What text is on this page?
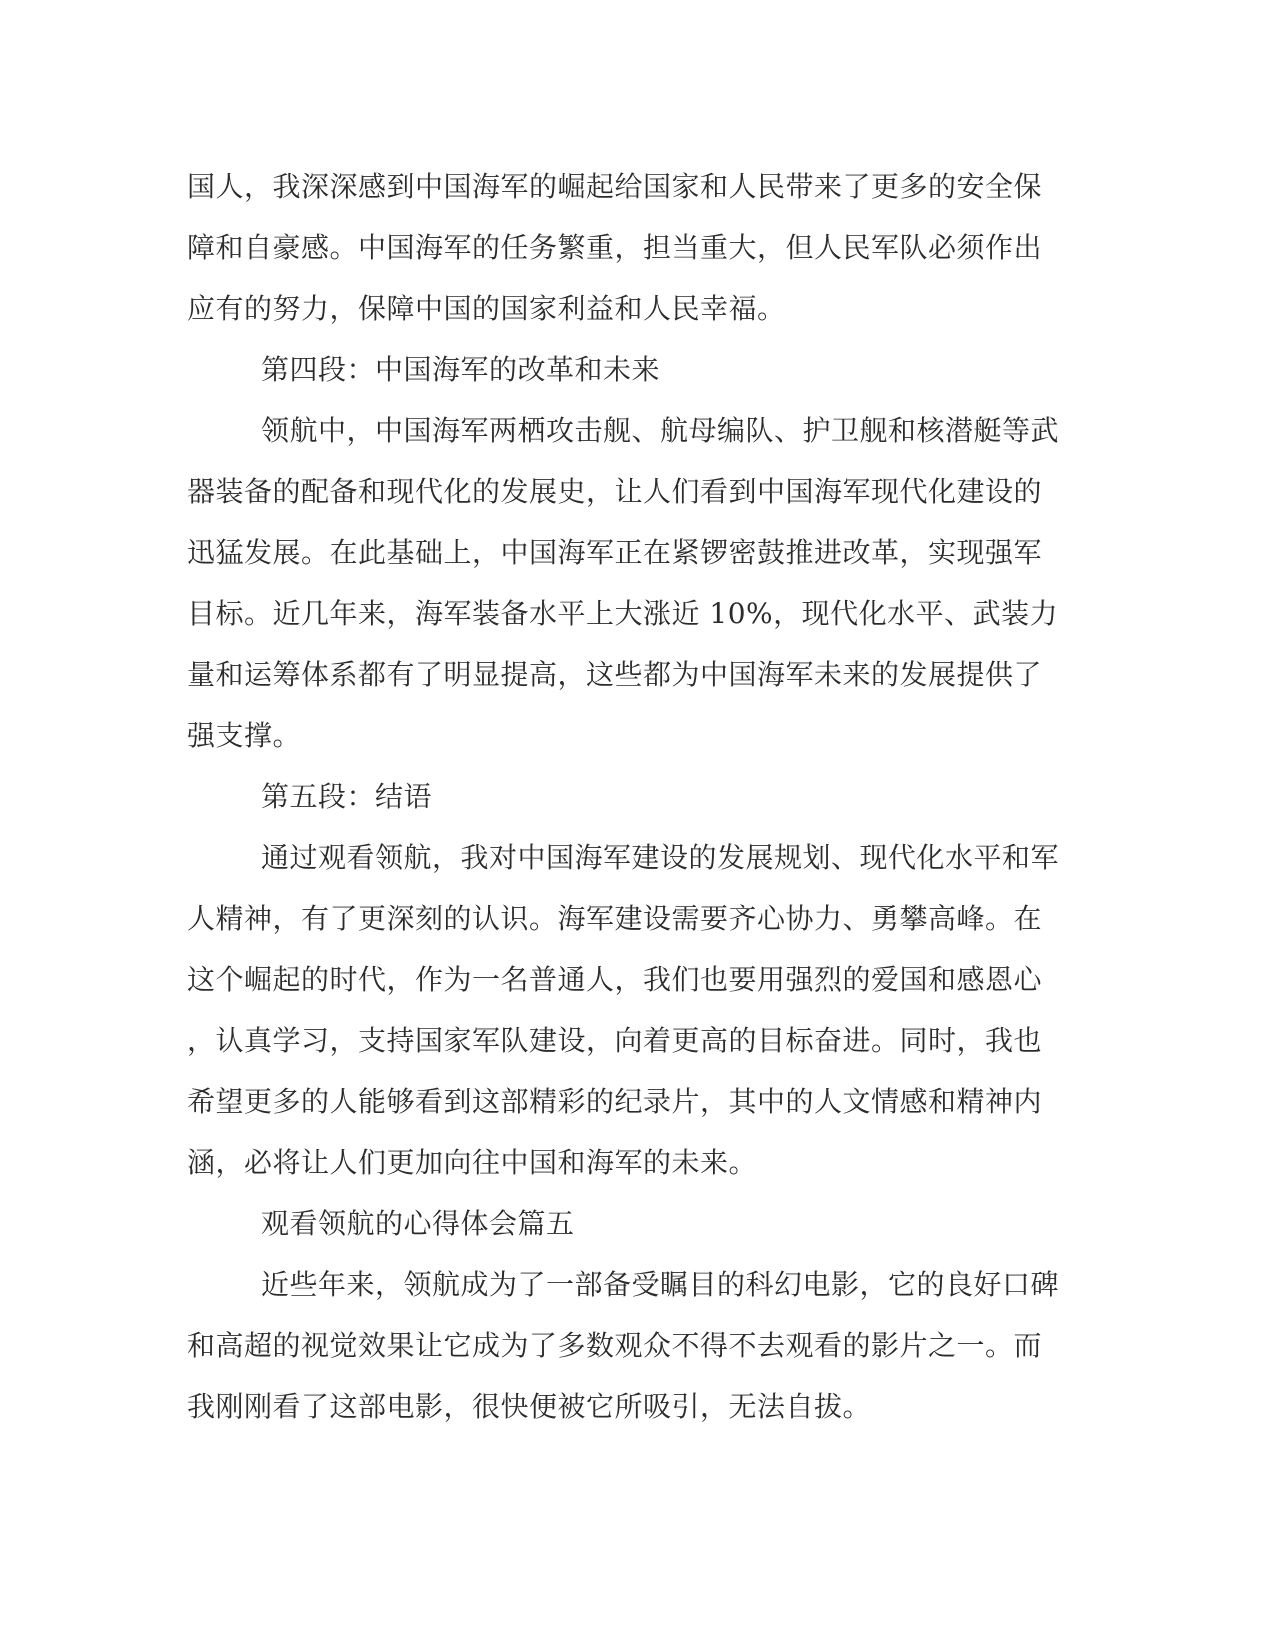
国人，我深深感到中国海军的崛起给国家和人民带来了更多的安全保
障和自豪感。中国海军的任务繁重，担当重大，但人民军队必须作出
应有的努力，保障中国的国家利益和人民幸福。
第四段：中国海军的改革和未来
领航中，中国海军两栖攻击舰、航母编队、护卫舰和核潜艇等武
器装备的配备和现代化的发展史，让人们看到中国海军现代化建设的
迅猛发展。在此基础上，中国海军正在紧锣密鼓推进改革，实现强军
目标。近几年来，海军装备水平上大涨近 10%，现代化水平、武装力
量和运筹体系都有了明显提高，这些都为中国海军未来的发展提供了
强支撑。
第五段：结语
通过观看领航，我对中国海军建设的发展规划、现代化水平和军
人精神，有了更深刻的认识。海军建设需要齐心协力、勇攀高峰。在
这个崛起的时代，作为一名普通人，我们也要用强烈的爱国和感恩心
，认真学习，支持国家军队建设，向着更高的目标奋进。同时，我也
希望更多的人能够看到这部精彩的纪录片，其中的人文情感和精神内
涵，必将让人们更加向往中国和海军的未来。
观看领航的心得体会篇五
近些年来，领航成为了一部备受瞩目的科幻电影，它的良好口碑
和高超的视觉效果让它成为了多数观众不得不去观看的影片之一。而
我刚刚看了这部电影，很快便被它所吸引，无法自拔。
